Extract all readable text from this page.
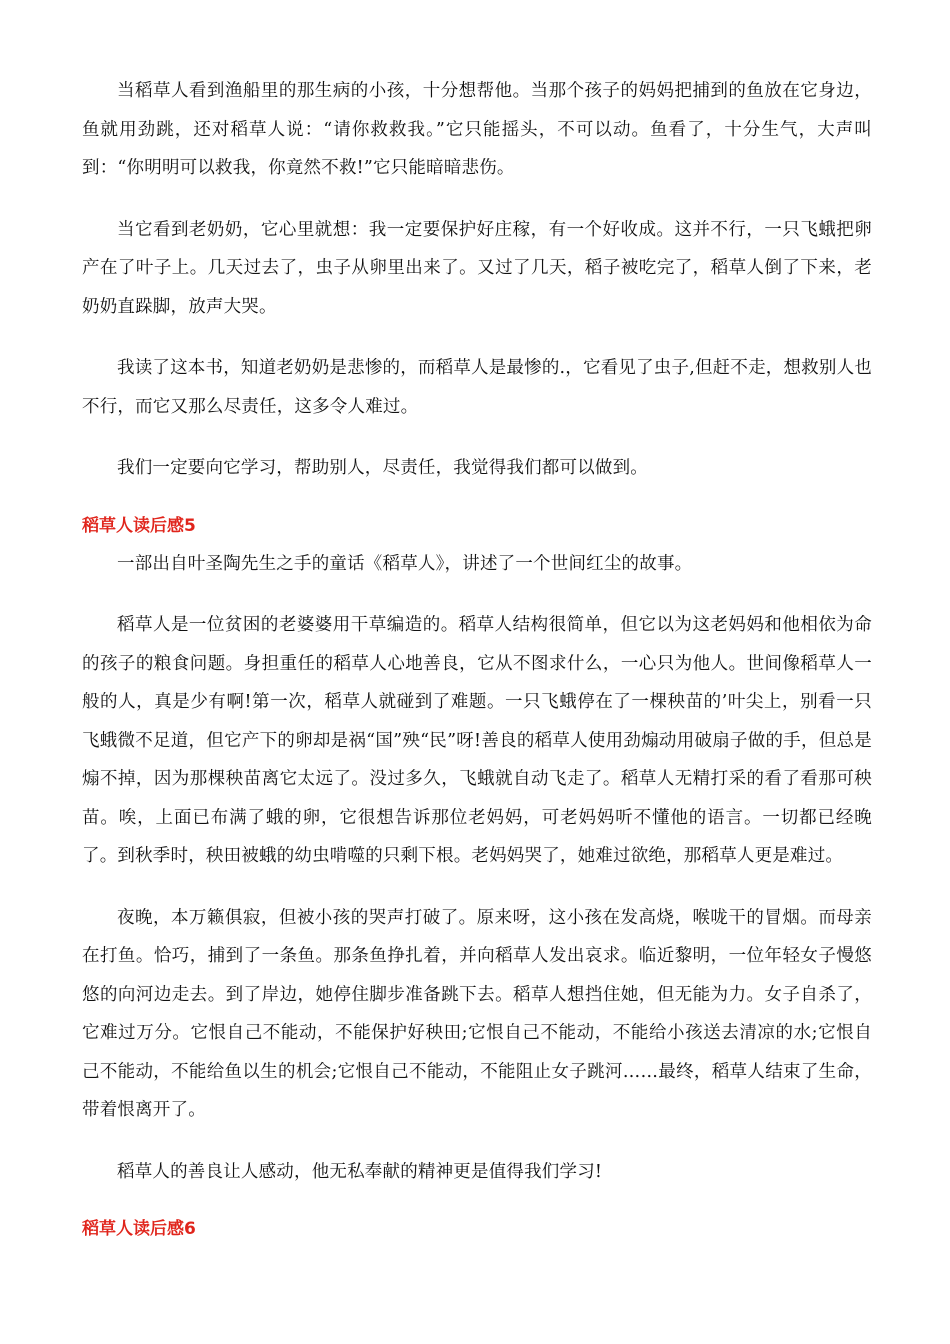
当稻草人看到渔船里的那生病的小孩，十分想帮他。当那个孩子的妈妈把捕到的鱼放在它身边，鱼就用劲跳，还对稻草人说：“请你救救我。”它只能摇头，不可以动。鱼看了，十分生气，大声叫到：“你明明可以救我，你竟然不救!”它只能暗暗悲伤。

当它看到老奶奶，它心里就想：我一定要保护好庄稼，有一个好收成。这并不行，一只飞蛾把卵产在了叶子上。几天过去了，虫子从卵里出来了。又过了几天，稻子被吃完了，稻草人倒了下来，老奶奶直跺脚，放声大哭。

我读了这本书，知道老奶奶是悲惨的，而稻草人是最惨的.，它看见了虫子,但赶不走，想救别人也不行，而它又那么尽责任，这多令人难过。

我们一定要向它学习，帮助别人，尽责任，我觉得我们都可以做到。

稻草人读后感5

一部出自叶圣陶先生之手的童话《稻草人》，讲述了一个世间红尘的故事。

稻草人是一位贫困的老婆婆用干草编造的。稻草人结构很简单，但它以为这老妈妈和他相依为命的孩子的粮食问题。身担重任的稻草人心地善良，它从不图求什么，一心只为他人。世间像稻草人一般的人，真是少有啊!第一次，稻草人就碰到了难题。一只飞蛾停在了一棵秧苗的’叶尖上，别看一只飞蛾微不足道，但它产下的卵却是祸“国”殃“民”呀!善良的稻草人使用劲煽动用破扇子做的手，但总是煽不掉，因为那棵秧苗离它太远了。没过多久，飞蛾就自动飞走了。稻草人无精打采的看了看那可秧苗。唉，上面已布满了蛾的卵，它很想告诉那位老妈妈，可老妈妈听不懂他的语言。一切都已经晚了。到秋季时，秧田被蛾的幼虫啃噬的只剩下根。老妈妈哭了，她难过欲绝，那稻草人更是难过。

夜晚，本万籁俱寂，但被小孩的哭声打破了。原来呀，这小孩在发高烧，喉咙干的冒烟。而母亲在打鱼。恰巧，捕到了一条鱼。那条鱼挣扎着，并向稻草人发出哀求。临近黎明，一位年轻女子慢悠悠的向河边走去。到了岸边，她停住脚步准备跳下去。稻草人想挡住她，但无能为力。女子自杀了，它难过万分。它恨自己不能动，不能保护好秧田;它恨自己不能动，不能给小孩送去清凉的水;它恨自己不能动，不能给鱼以生的机会;它恨自己不能动，不能阻止女子跳河……最终，稻草人结束了生命，带着恨离开了。

稻草人的善良让人感动，他无私奉献的精神更是值得我们学习!

稻草人读后感6
